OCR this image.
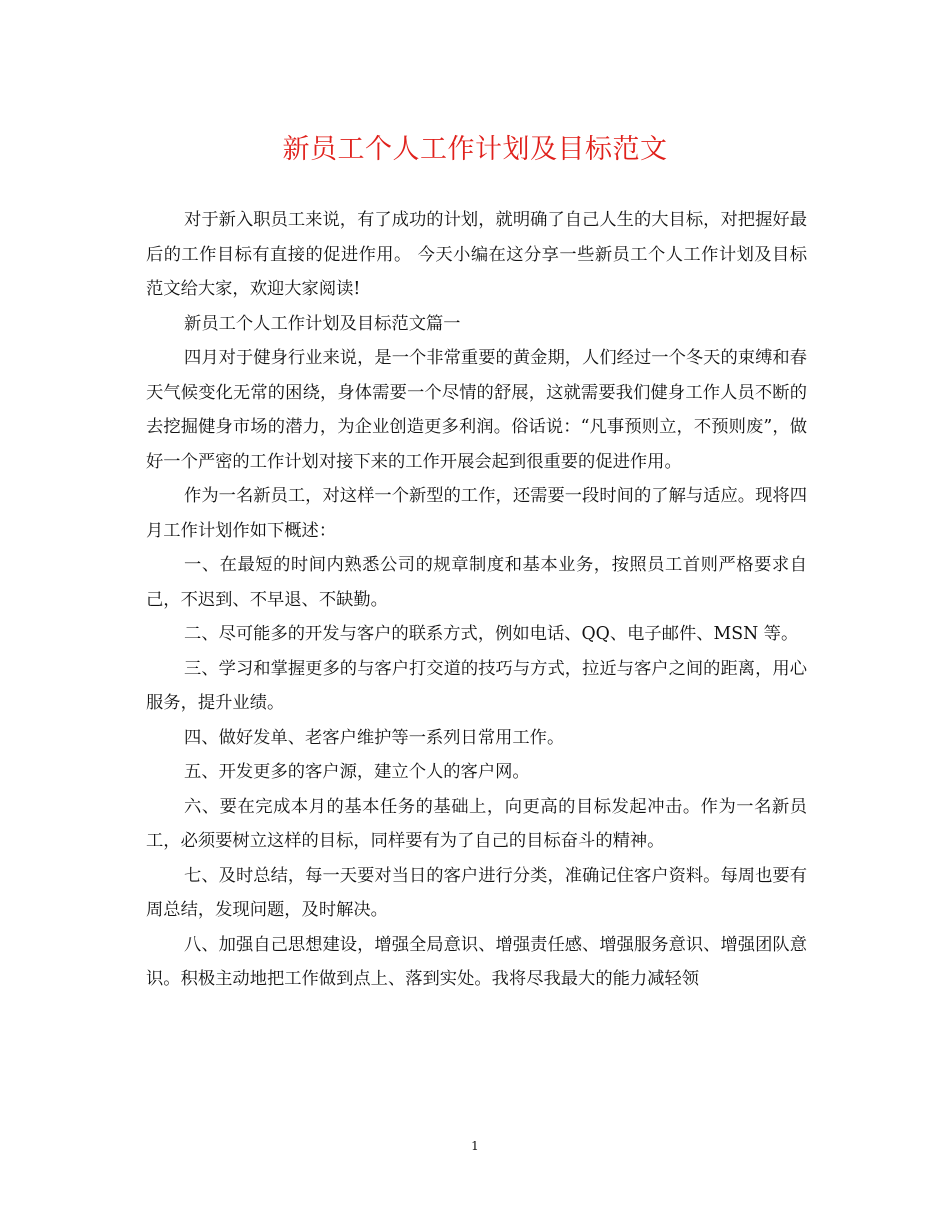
新员工个人工作计划及目标范文

对于新入职员工来说，有了成功的计划，就明确了自己人生的大目标，对把握好最后的工作目标有直接的促进作用。 今天小编在这分享一些新员工个人工作计划及目标范文给大家，欢迎大家阅读!

新员工个人工作计划及目标范文篇一

四月对于健身行业来说，是一个非常重要的黄金期，人们经过一个冬天的束缚和春天气候变化无常的困绕，身体需要一个尽情的舒展，这就需要我们健身工作人员不断的去挖掘健身市场的潜力，为企业创造更多利润。俗话说：“凡事预则立，不预则废”，做好一个严密的工作计划对接下来的工作开展会起到很重要的促进作用。

作为一名新员工，对这样一个新型的工作，还需要一段时间的了解与适应。现将四月工作计划作如下概述：

一、在最短的时间内熟悉公司的规章制度和基本业务，按照员工首则严格要求自己，不迟到、不早退、不缺勤。

二、尽可能多的开发与客户的联系方式，例如电话、QQ、电子邮件、MSN 等。

三、学习和掌握更多的与客户打交道的技巧与方式，拉近与客户之间的距离，用心服务，提升业绩。

四、做好发单、老客户维护等一系列日常用工作。

五、开发更多的客户源，建立个人的客户网。

六、要在完成本月的基本任务的基础上，向更高的目标发起冲击。作为一名新员工，必须要树立这样的目标，同样要有为了自己的目标奋斗的精神。

七、及时总结，每一天要对当日的客户进行分类，准确记住客户资料。每周也要有周总结，发现问题，及时解决。

八、加强自己思想建设，增强全局意识、增强责任感、增强服务意识、增强团队意识。积极主动地把工作做到点上、落到实处。我将尽我最大的能力减轻领

1
